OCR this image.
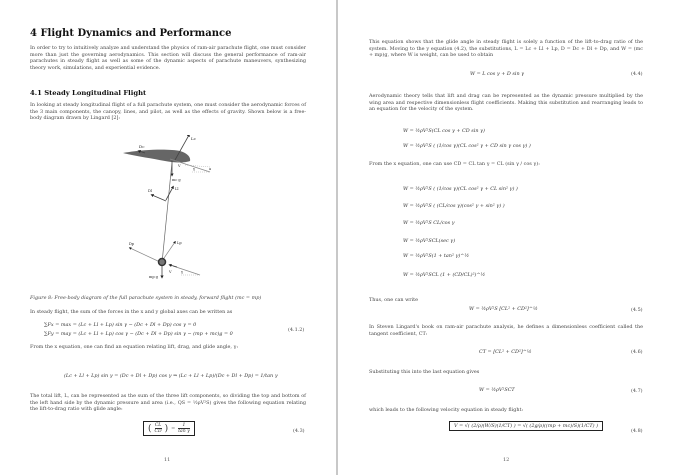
4 Flight Dynamics and Performance
In order to try to intuitively analyze and understand the physics of ram-air parachute flight, one must consider more than just the governing aerodynamics. This section will discuss the general performance of ram-air parachutes in steady flight as well as some of the dynamic aspects of parachute maneuvers, synthesizing theory work, simulations, and experiential evidence.
4.1 Steady Longitudinal Flight
In looking at steady longitudinal flight of a full parachute system, one must consider the aerodynamic forces of the 3 main components, the canopy, lines, and pilot, as well as the effects of gravity. Shown below is a free-body diagram drawn by Lingard [2]:
Lc
Dc
V
γ	a
mc g
Ll
Dl
Lp
Dp
V	γ
mp g
Figure 8: Free-body diagram of the full parachute system in steady, forward flight (mc = mp)
In steady flight, the sum of the forces in the x and y global axes can be written as
∑Fx = max = (Lc + Ll + Lp) sin γ − (Dc + Dl + Dp) cos γ = 0
∑Fy = may = (Lc + Ll + Lp) cos γ − (Dc + Dl + Dp) sin γ − (mp + mc)g = 0
(4.1.2)
From the x equation, one can find an equation relating lift, drag, and glide angle, γ:
(Lc + Ll + Lp) sin γ = (Dc + Dl + Dp) cos γ ⇒ (Lc + Ll + Lp)/(Dc + Dl + Dp) = 1/tan γ
The total lift, L, can be represented as the sum of the three lift components, so dividing the top and bottom of the left hand side by the dynamic pressure and area (i.e., QS = ½ρV²S) gives the following equation relating the lift-to-drag ratio with glide angle:
( $\frac{CL}{CD}$ ) = $\frac{1}{\text{tan γ}}$	(4.3)
11
This equation shows that the glide angle in steady flight is solely a function of the lift-to-drag ratio of the system. Moving to the y equation (4.2), the substitutions, L = Lc + Ll + Lp, D = Dc + Dl + Dp, and W = (mc + mp)g, where W is weight, can be used to obtain
W = L cos γ + D sin γ	(4.4)
Aerodynamic theory tells that lift and drag can be represented as the dynamic pressure multiplied by the wing area and respective dimensionless flight coefficients. Making this substitution and rearranging leads to an equation for the velocity of the system.
W = ½ρV²S(CL cos γ + CD sin γ)
W = ½ρV²S ( (1/cos γ)(CL cos² γ + CD sin γ cos γ) )
From the x equation, one can use CD = CL tan γ = CL (sin γ / cos γ):
W = ½ρV²S ( (1/cos γ)(CL cos² γ + CL sin² γ) )
W = ½ρV²S ( (CL/cos γ)(cos² γ + sin² γ) )
W = ½ρV²S CL/cos γ
W = ½ρV²SCL(sec γ)
W = ½ρV²S(1 + tan² γ)^½
W = ½ρV²SCL (1 + (CD/CL)²)^½
Thus, one can write
W = ½ρV²S [CL² + CD²]^½	(4.5)
In Steven Lingard's book on ram-air parachute analysis, he defines a dimensionless coefficient called the tangent coefficient, CT:
CT = [CL² + CD²]^½	(4.6)
Substituting this into the last equation gives
W = ½ρV²SCT	(4.7)
which leads to the following velocity equation in steady flight:
V = √( (2/ρ)(W/S)(1/CT) ) = √( (2g/ρ)((mp + mc)/S)(1/CT) )
(4.8)
12
